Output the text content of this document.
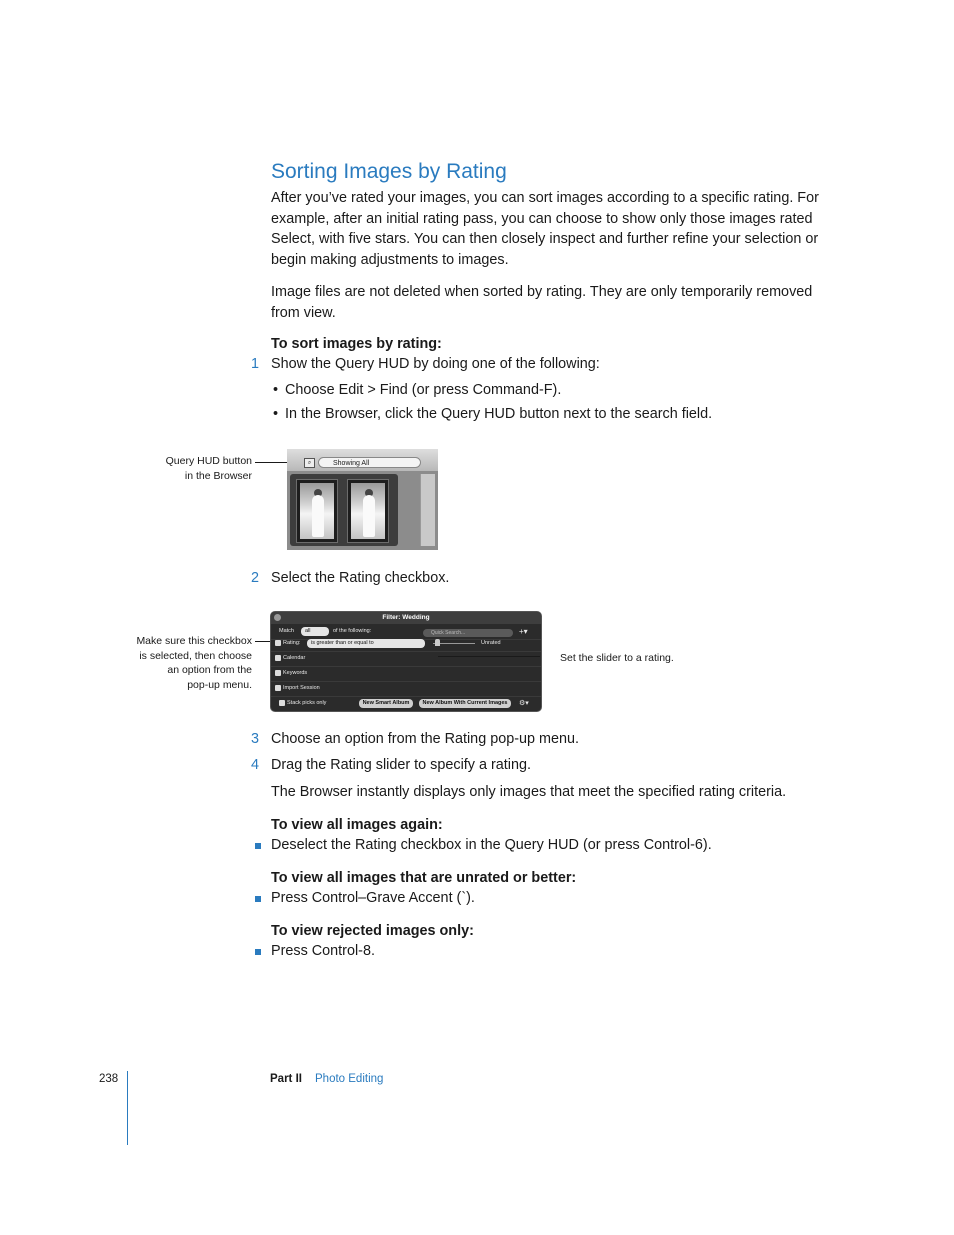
Sorting Images by Rating
After you’ve rated your images, you can sort images according to a specific rating. For example, after an initial rating pass, you can choose to show only those images rated Select, with five stars. You can then closely inspect and further refine your selection or begin making adjustments to images.
Image files are not deleted when sorted by rating. They are only temporarily removed from view.
To sort images by rating:
1 Show the Query HUD by doing one of the following:
• Choose Edit > Find (or press Command-F).
• In the Browser, click the Query HUD button next to the search field.
Query HUD button
in the Browser
⌕	Showing All
2 Select the Rating checkbox.
Make sure this checkbox
is selected, then choose
an option from the
pop-up menu.
Filter: Wedding
Match	all	of the following:	Quick Search...	+▾
Rating:	is greater than or equal to	Unrated
Calendar
Keywords
Import Session
Stack picks only	New Smart Album	New Album With Current Images	⚙▾
Set the slider to a rating.
3 Choose an option from the Rating pop-up menu.
4 Drag the Rating slider to specify a rating.
The Browser instantly displays only images that meet the specified rating criteria.
To view all images again:
Deselect the Rating checkbox in the Query HUD (or press Control-6).
To view all images that are unrated or better:
Press Control–Grave Accent (`).
To view rejected images only:
Press Control-8.
238	Part II Photo Editing
